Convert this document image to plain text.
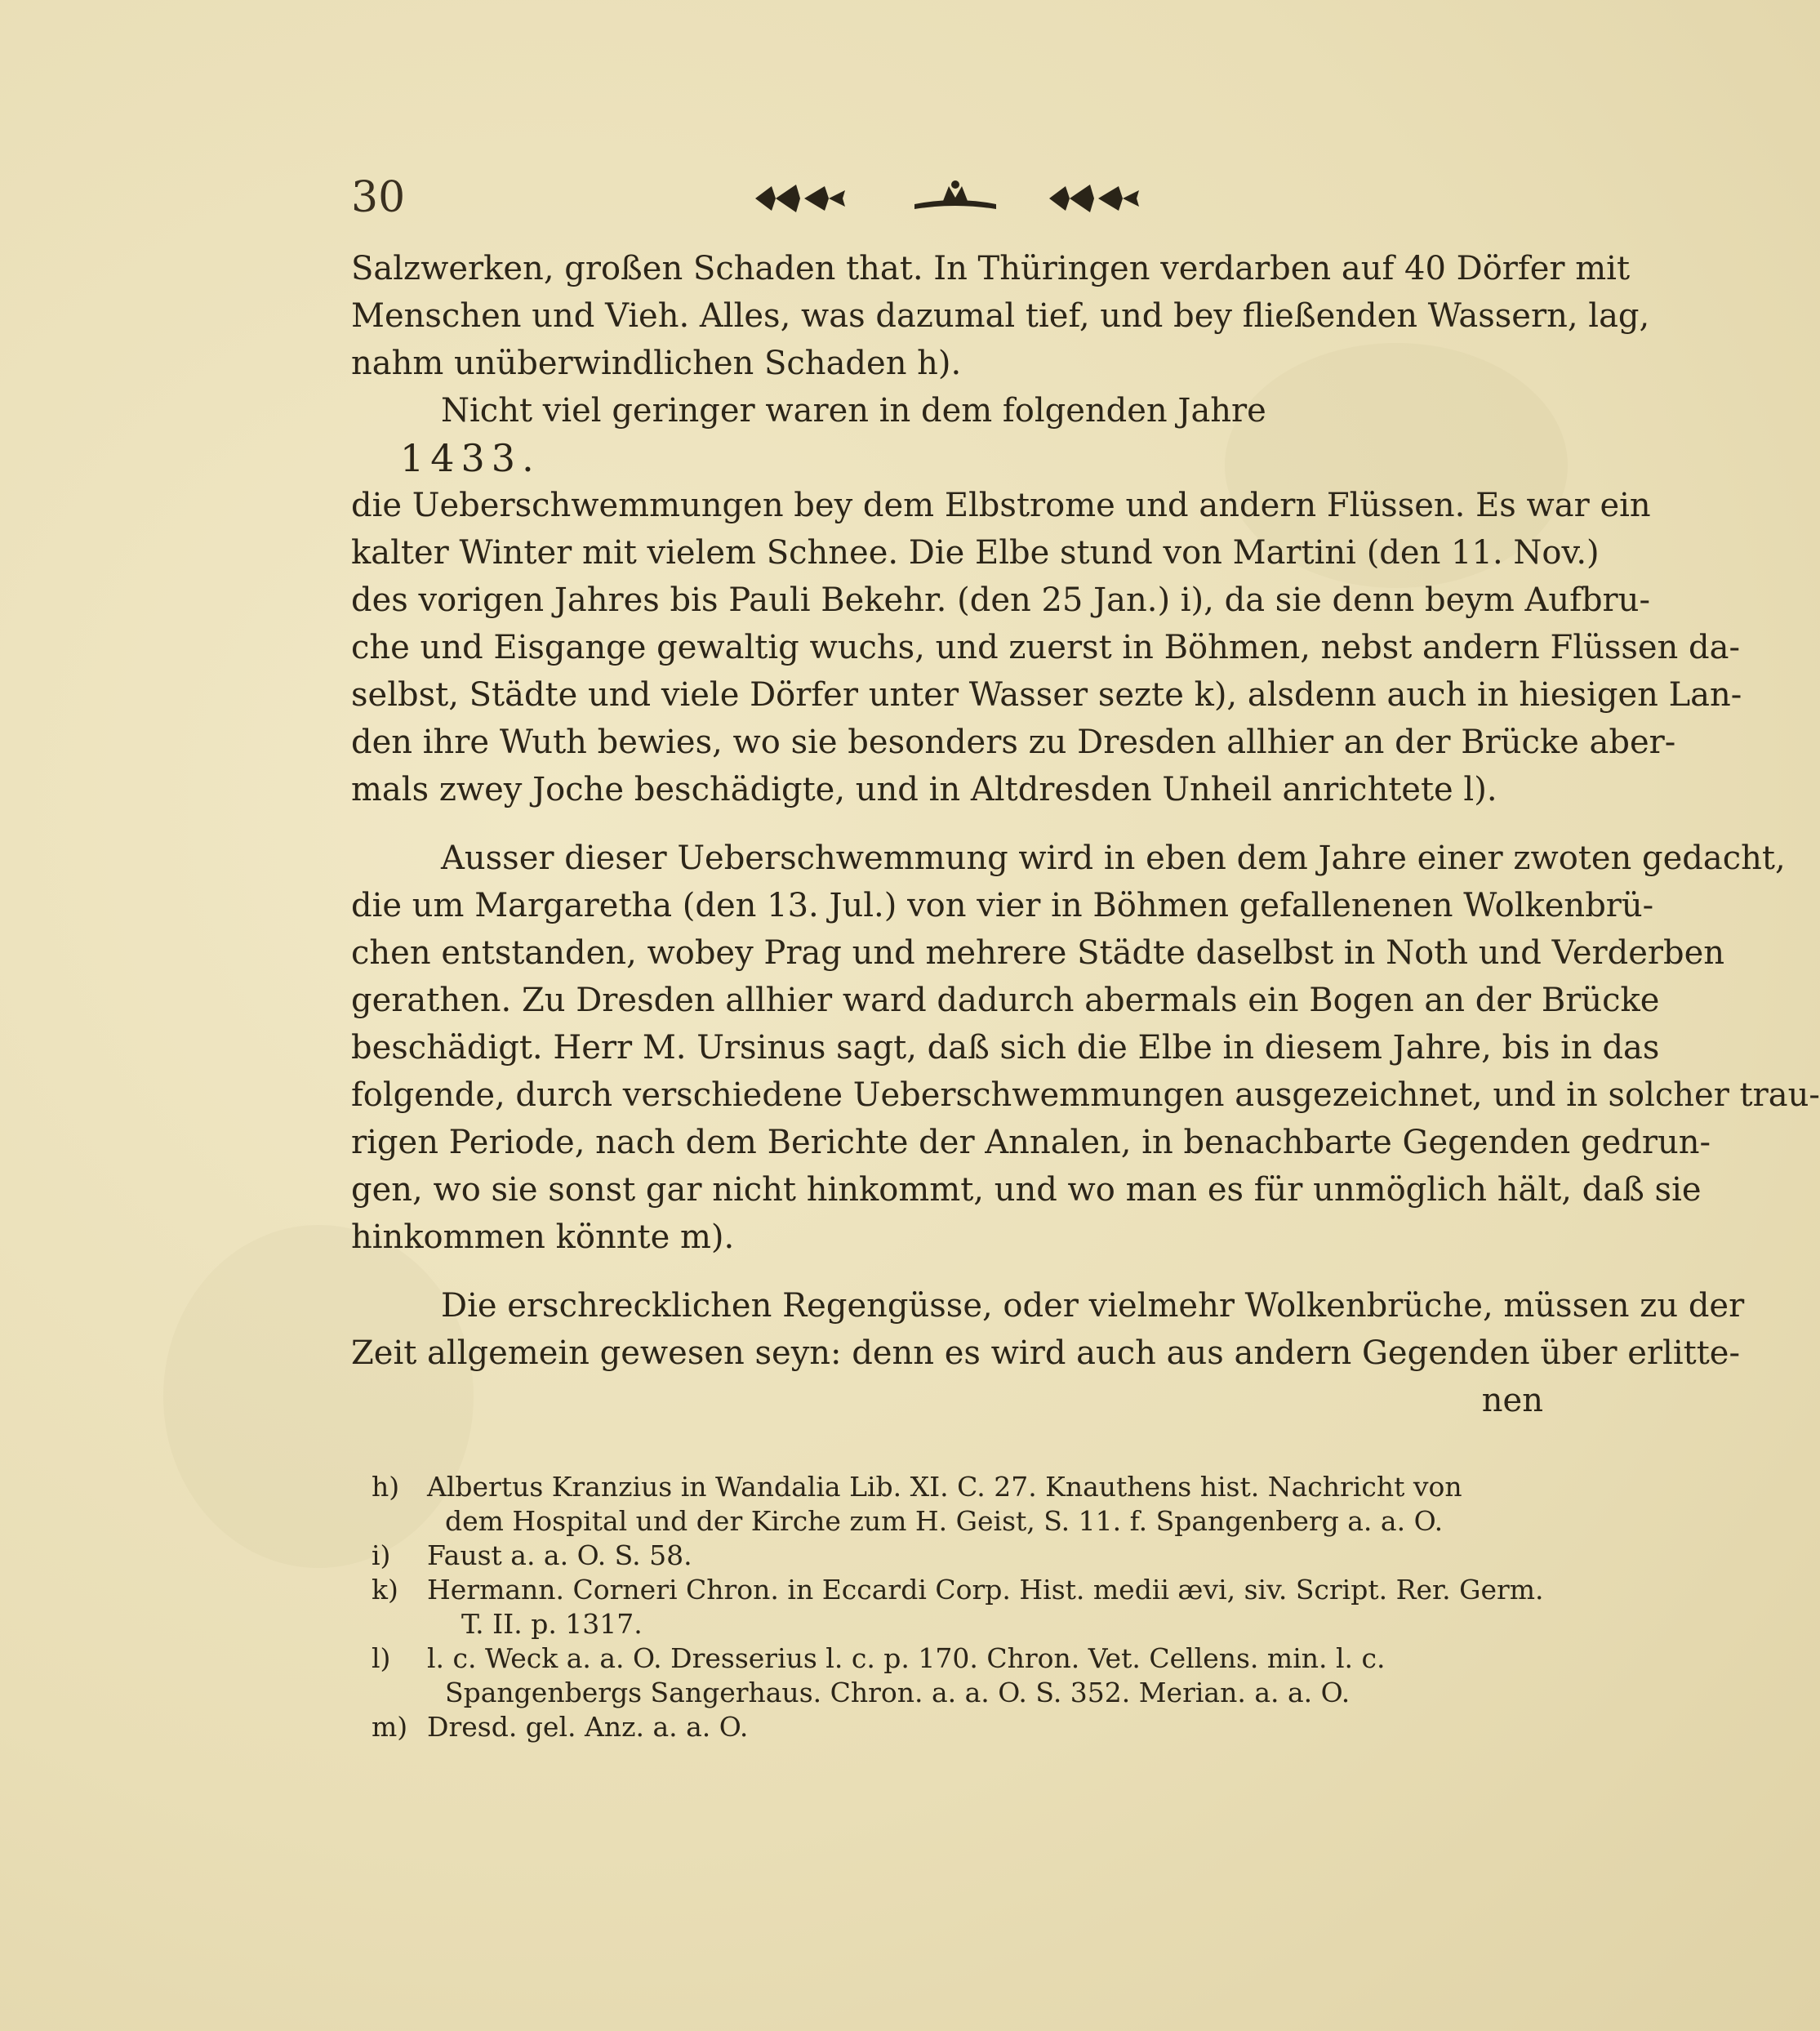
30
Salzwerken, großen Schaden that. In Thüringen verdarben auf 40 Dörfer mit
Menschen und Vieh. Alles, was dazumal tief, und bey fließenden Wassern, lag,
nahm unüberwindlichen Schaden h).
Nicht viel geringer waren in dem folgenden Jahre
1433.
die Ueberschwemmungen bey dem Elbstrome und andern Flüssen. Es war ein
kalter Winter mit vielem Schnee. Die Elbe stund von Martini (den 11. Nov.)
des vorigen Jahres bis Pauli Bekehr. (den 25 Jan.) i), da sie denn beym Aufbru-
che und Eisgange gewaltig wuchs, und zuerst in Böhmen, nebst andern Flüssen da-
selbst, Städte und viele Dörfer unter Wasser sezte k), alsdenn auch in hiesigen Lan-
den ihre Wuth bewies, wo sie besonders zu Dresden allhier an der Brücke aber-
mals zwey Joche beschädigte, und in Altdresden Unheil anrichtete l).
Ausser dieser Ueberschwemmung wird in eben dem Jahre einer zwoten gedacht,
die um Margaretha (den 13. Jul.) von vier in Böhmen gefallenenen Wolkenbrü-
chen entstanden, wobey Prag und mehrere Städte daselbst in Noth und Verderben
gerathen. Zu Dresden allhier ward dadurch abermals ein Bogen an der Brücke
beschädigt. Herr M. Ursinus sagt, daß sich die Elbe in diesem Jahre, bis in das
folgende, durch verschiedene Ueberschwemmungen ausgezeichnet, und in solcher trau-
rigen Periode, nach dem Berichte der Annalen, in benachbarte Gegenden gedrun-
gen, wo sie sonst gar nicht hinkommt, und wo man es für unmöglich hält, daß sie
hinkommen könnte m).
Die erschrecklichen Regengüsse, oder vielmehr Wolkenbrüche, müssen zu der
Zeit allgemein gewesen seyn: denn es wird auch aus andern Gegenden über erlitte-
nen
h) Albertus Kranzius in Wandalia Lib. XI. C. 27. Knauthens hist. Nachricht von
dem Hospital und der Kirche zum H. Geist, S. 11. f. Spangenberg a. a. O.
i) Faust a. a. O. S. 58.
k) Hermann. Corneri Chron. in Eccardi Corp. Hist. medii ævi, siv. Script. Rer. Germ.
T. II. p. 1317.
l) l. c. Weck a. a. O. Dresserius l. c. p. 170. Chron. Vet. Cellens. min. l. c.
Spangenbergs Sangerhaus. Chron. a. a. O. S. 352. Merian. a. a. O.
m) Dresd. gel. Anz. a. a. O.
